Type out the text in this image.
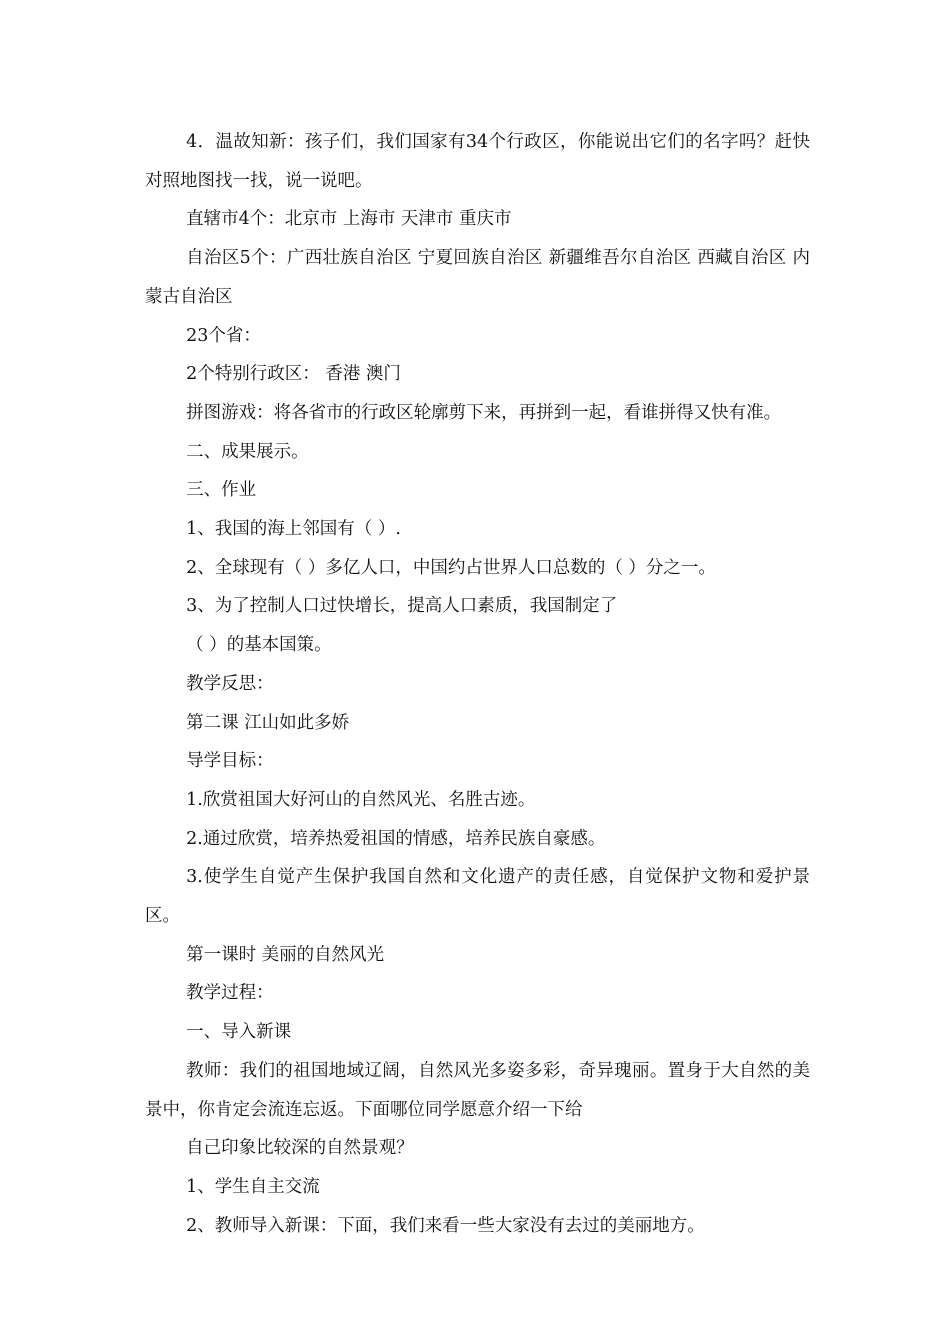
4．温故知新：孩子们，我们国家有34个行政区，你能说出它们的名字吗？赶快对照地图找一找，说一说吧。

直辖市4个：北京市 上海市 天津市 重庆市

自治区5个：广西壮族自治区 宁夏回族自治区 新疆维吾尔自治区 西藏自治区 内蒙古自治区

23个省：

2个特别行政区： 香港 澳门

拼图游戏：将各省市的行政区轮廓剪下来，再拼到一起，看谁拼得又快有准。

二、成果展示。

三、作业

1、我国的海上邻国有（ ）.

2、全球现有（ ）多亿人口，中国约占世界人口总数的（ ）分之一。

3、为了控制人口过快增长，提高人口素质，我国制定了

（ ）的基本国策。

教学反思：

第二课 江山如此多娇

导学目标：

1.欣赏祖国大好河山的自然风光、名胜古迹。

2.通过欣赏，培养热爱祖国的情感，培养民族自豪感。

3.使学生自觉产生保护我国自然和文化遗产的责任感，自觉保护文物和爱护景区。

第一课时 美丽的自然风光

教学过程：

一、导入新课

教师：我们的祖国地域辽阔，自然风光多姿多彩，奇异瑰丽。置身于大自然的美景中，你肯定会流连忘返。下面哪位同学愿意介绍一下给

自己印象比较深的自然景观？

1、学生自主交流

2、教师导入新课：下面，我们来看一些大家没有去过的美丽地方。
